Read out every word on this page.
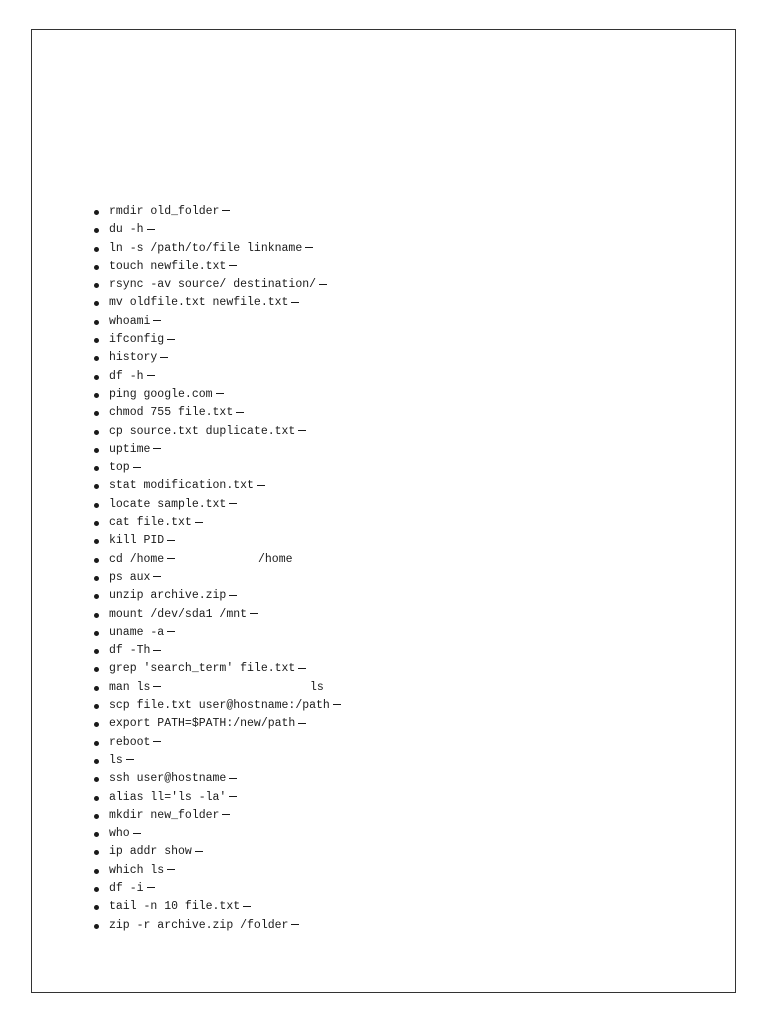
rmdir old_folder
du -h
ln -s /path/to/file linkname
touch newfile.txt
rsync -av source/ destination/
mv oldfile.txt newfile.txt
whoami
ifconfig
history
df -h
ping google.com
chmod 755 file.txt
cp source.txt duplicate.txt
uptime
top
stat modification.txt
locate sample.txt
cat file.txt
kill PID
cd /home	/home
ps aux
unzip archive.zip
mount /dev/sda1 /mnt
uname -a
df -Th
grep 'search_term' file.txt
man ls	ls
scp file.txt user@hostname:/path
export PATH=$PATH:/new/path
reboot
ls
ssh user@hostname
alias ll='ls -la'
mkdir new_folder
who
ip addr show
which ls
df -i
tail -n 10 file.txt
zip -r archive.zip /folder
